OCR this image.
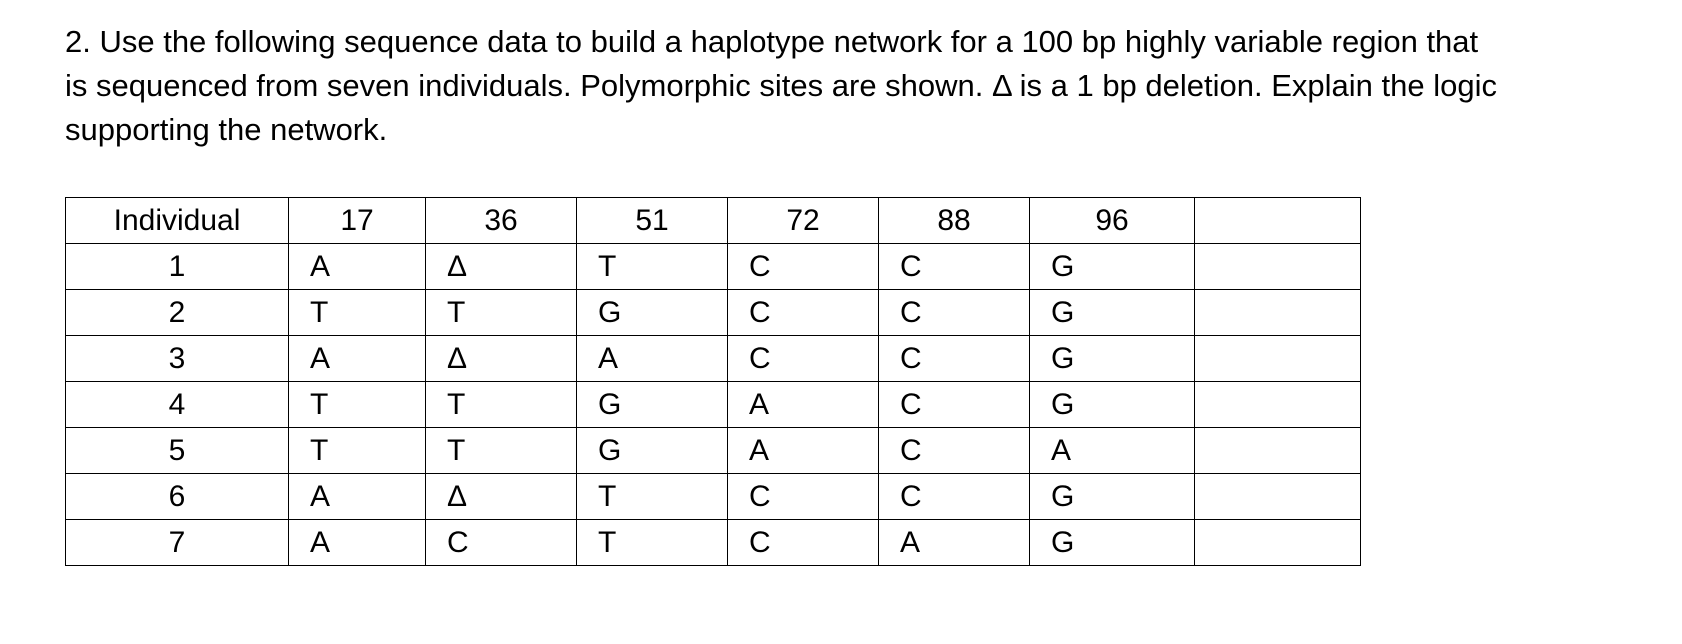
2. Use the following sequence data to build a haplotype network for a 100 bp highly variable region that
is sequenced from seven individuals. Polymorphic sites are shown. Δ is a 1 bp deletion. Explain the logic
supporting the network.
Individual	17	36	51	72	88	96	
1	A	Δ	T	C	C	G	
2	T	T	G	C	C	G	
3	A	Δ	A	C	C	G	
4	T	T	G	A	C	G	
5	T	T	G	A	C	A	
6	A	Δ	T	C	C	G	
7	A	C	T	C	A	G	
